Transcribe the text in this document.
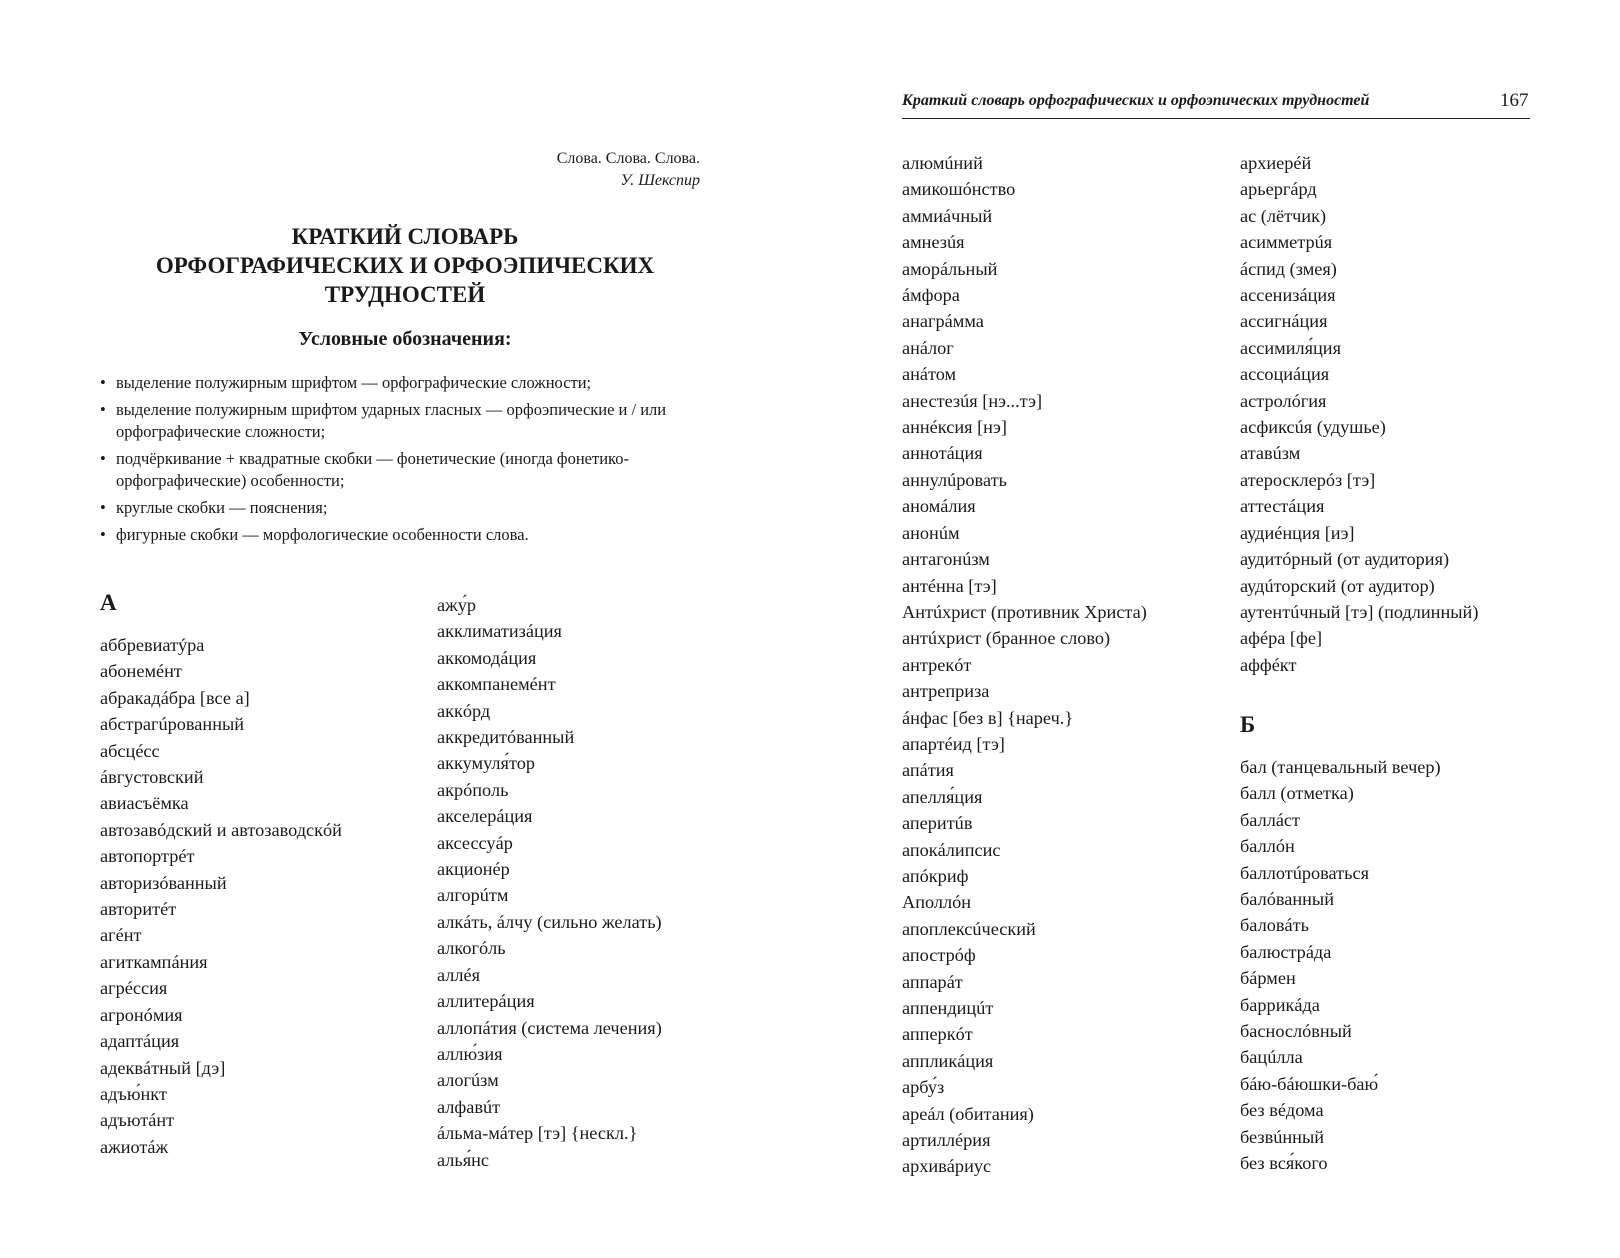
Слова. Слова. Слова.
У. Шекспир
КРАТКИЙ СЛОВАРЬ
ОРФОГРАФИЧЕСКИХ И ОРФОЭПИЧЕСКИХ
ТРУДНОСТЕЙ
Условные обозначения:
• выделение полужирным шрифтом — орфографические сложности;
• выделение полужирным шрифтом ударных гласных — орфоэпические и / или орфографические сложности;
• подчёркивание + квадратные скобки — фонетические (иногда фонетико-орфографические) особенности;
• круглые скобки — пояснения;
• фигурные скобки — морфологические особенности слова.
А
аббревиатýра
абонемéнт
абракадáбра [все а]
абстрагúрованный
абсцéсс
áвгустовский
авиасъёмка
автозавóдский и автозаводскóй
автопортрéт
авторизóванный
авторитéт
агéнт
агиткампáния
агрéссия
агронóмия
адаптáция
адеквáтный [дэ]
адъю́нкт
адъютáнт
ажиотáж
ажу́р
акклиматизáция
аккомодáция
аккомпанемéнт
аккóрд
аккредитóванный
аккумуля́тор
акрóполь
акселерáция
аксессуáр
акционéр
алгорúтм
алкáть, áлчу (сильно желать)
алкогóль
аллéя
аллитерáция
аллопáтия (система лечения)
аллю́зия
алогúзм
алфавúт
áльма-мáтер [тэ] {нескл.}
алья́нс
Краткий словарь орфографических и орфоэпических трудностей	167
алюмúний
амикошóнство
аммиáчный
амнезúя
аморáльный
áмфора
анагрáмма
анáлог
анáтом
анестезúя [нэ...тэ]
аннéксия [нэ]
аннотáция
аннулúровать
аномáлия
анонúм
антагонúзм
антéнна [тэ]
Антúхрист (противник Христа)
антúхрист (бранное слово)
антрекóт
антреприза
áнфас [без в] {нареч.}
апартéид [тэ]
апáтия
апелля́ция
аперитúв
апокáлипсис
апóкриф
Аполлóн
апоплексúческий
апострóф
аппарáт
аппендицúт
апперкóт
аппликáция
арбу́з
ареáл (обитания)
артиллéрия
архивáриус
архиерéй
арьергáрд
ас (лётчик)
асимметрúя
áспид (змея)
ассенизáция
ассигнáция
ассимиля́ция
ассоциáция
астролóгия
асфиксúя (удушье)
атавúзм
атеросклерóз [тэ]
аттестáция
аудиéнция [иэ]
аудитóрный (от аудитория)
аудúторский (от аудитор)
аутентúчный [тэ] (подлинный)
афéра [фе]
аффéкт
Б
бал (танцевальный вечер)
балл (отметка)
баллáст
баллóн
баллотúроваться
балóванный
баловáть
балюстрáда
бáрмен
баррикáда
баснослóвный
бацúлла
бáю-бáюшки-баю́
без вéдома
безвúнный
без вся́кого
